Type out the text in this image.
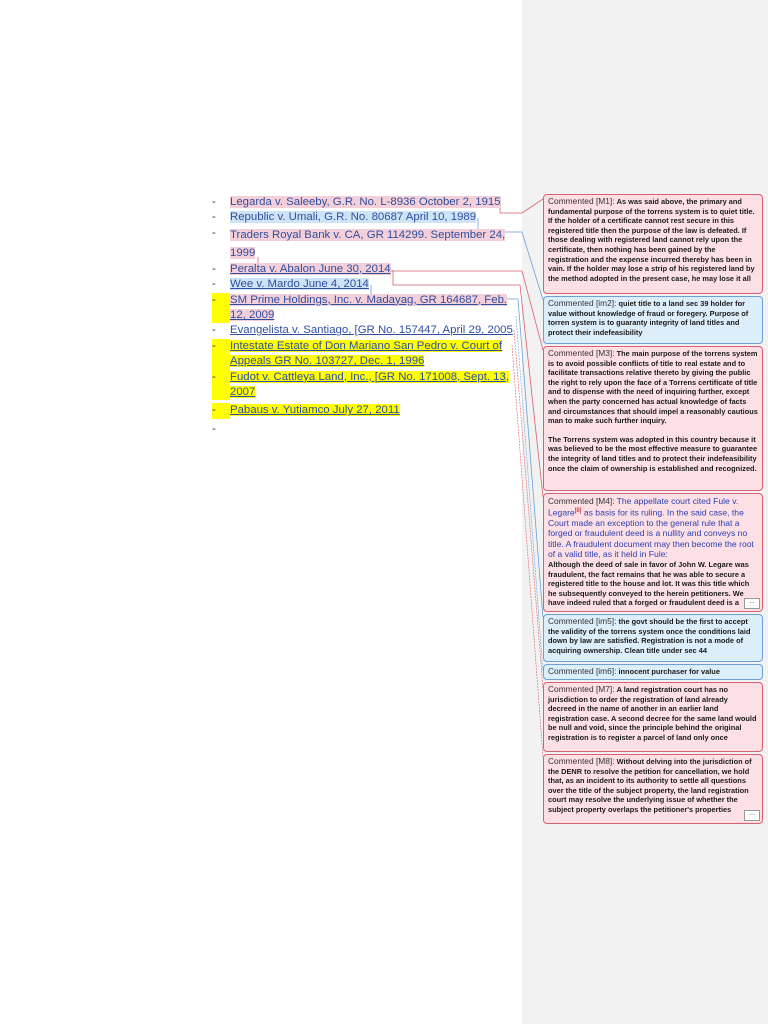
-	Legarda v. Saleeby, G.R. No. L-8936 October 2, 1915
-	Republic v. Umali, G.R. No. 80687 April 10, 1989
-	Traders Royal Bank v. CA, GR 114299. September 24, 1999
-	Peralta v. Abalon June 30, 2014
-	Wee v. Mardo June 4, 2014
-	SM Prime Holdings, Inc. v. Madayag, GR 164687, Feb. 12, 2009
-	Evangelista v. Santiago, [GR No. 157447, April 29, 2005
-	Intestate Estate of Don Mariano San Pedro v. Court of Appeals GR No. 103727, Dec. 1, 1996
-	Fudot v. Cattleya Land, Inc., [GR No. 171008, Sept. 13, 2007
-	Pabaus v. Yutiamco July 27, 2011
-

Commented [M1]: As was said above, the primary and fundamental purpose of the torrens system is to quiet title. If the holder of a certificate cannot rest secure in this registered title then the purpose of the law is defeated. If those dealing with registered land cannot rely upon the certificate, then nothing has been gained by the registration and the expense incurred thereby has been in vain. If the holder may lose a strip of his registered land by the method adopted in the present case, he may lose it all

Commented [im2]: quiet title to a land sec 39 holder for value without knowledge of fraud or foregery. Purpose of torren system is to guaranty integrity of land titles and protect their indefeasibility

Commented [M3]: The main purpose of the torrens system is to avoid possible conflicts of title to real estate and to facilitate transactions relative thereto by giving the public the right to rely upon the face of a Torrens certificate of title and to dispense with the need of inquiring further, except when the party concerned has actual knowledge of facts and circumstances that should impel a reasonably cautious man to make such further inquiry.

The Torrens system was adopted in this country because it was believed to be the most effective measure to guarantee the integrity of land titles and to protect their indefeasibility once the claim of ownership is established and recognized.

Commented [M4]: The appellate court cited Fule v. Legare[8] as basis for its ruling. In the said case, the Court made an exception to the general rule that a forged or fraudulent deed is a nullity and conveys no title. A fraudulent document may then become the root of a valid title, as it held in Fule:

Although the deed of sale in favor of John W. Legare was fraudulent, the fact remains that he was able to secure a registered title to the house and lot. It was this title which he subsequently conveyed to the herein petitioners. We have indeed ruled that a forged or fraudulent deed is a	...

Commented [im5]: the govt should be the first to accept the validity of the torrens system once the conditions laid down by law are satisfied. Registration is not a mode of acquiring ownership. Clean title under sec 44

Commented [im6]: innocent purchaser for value

Commented [M7]: A land registration court has no jurisdiction to order the registration of land already decreed in the name of another in an earlier land registration case. A second decree for the same land would be null and void, since the principle behind the original registration is to register a parcel of land only once

Commented [M8]: Without delving into the jurisdiction of the DENR to resolve the petition for cancellation, we hold that, as an incident to its authority to settle all questions over the title of the subject property, the land registration court may resolve the underlying issue of whether the subject property overlaps the petitioner's properties	...
